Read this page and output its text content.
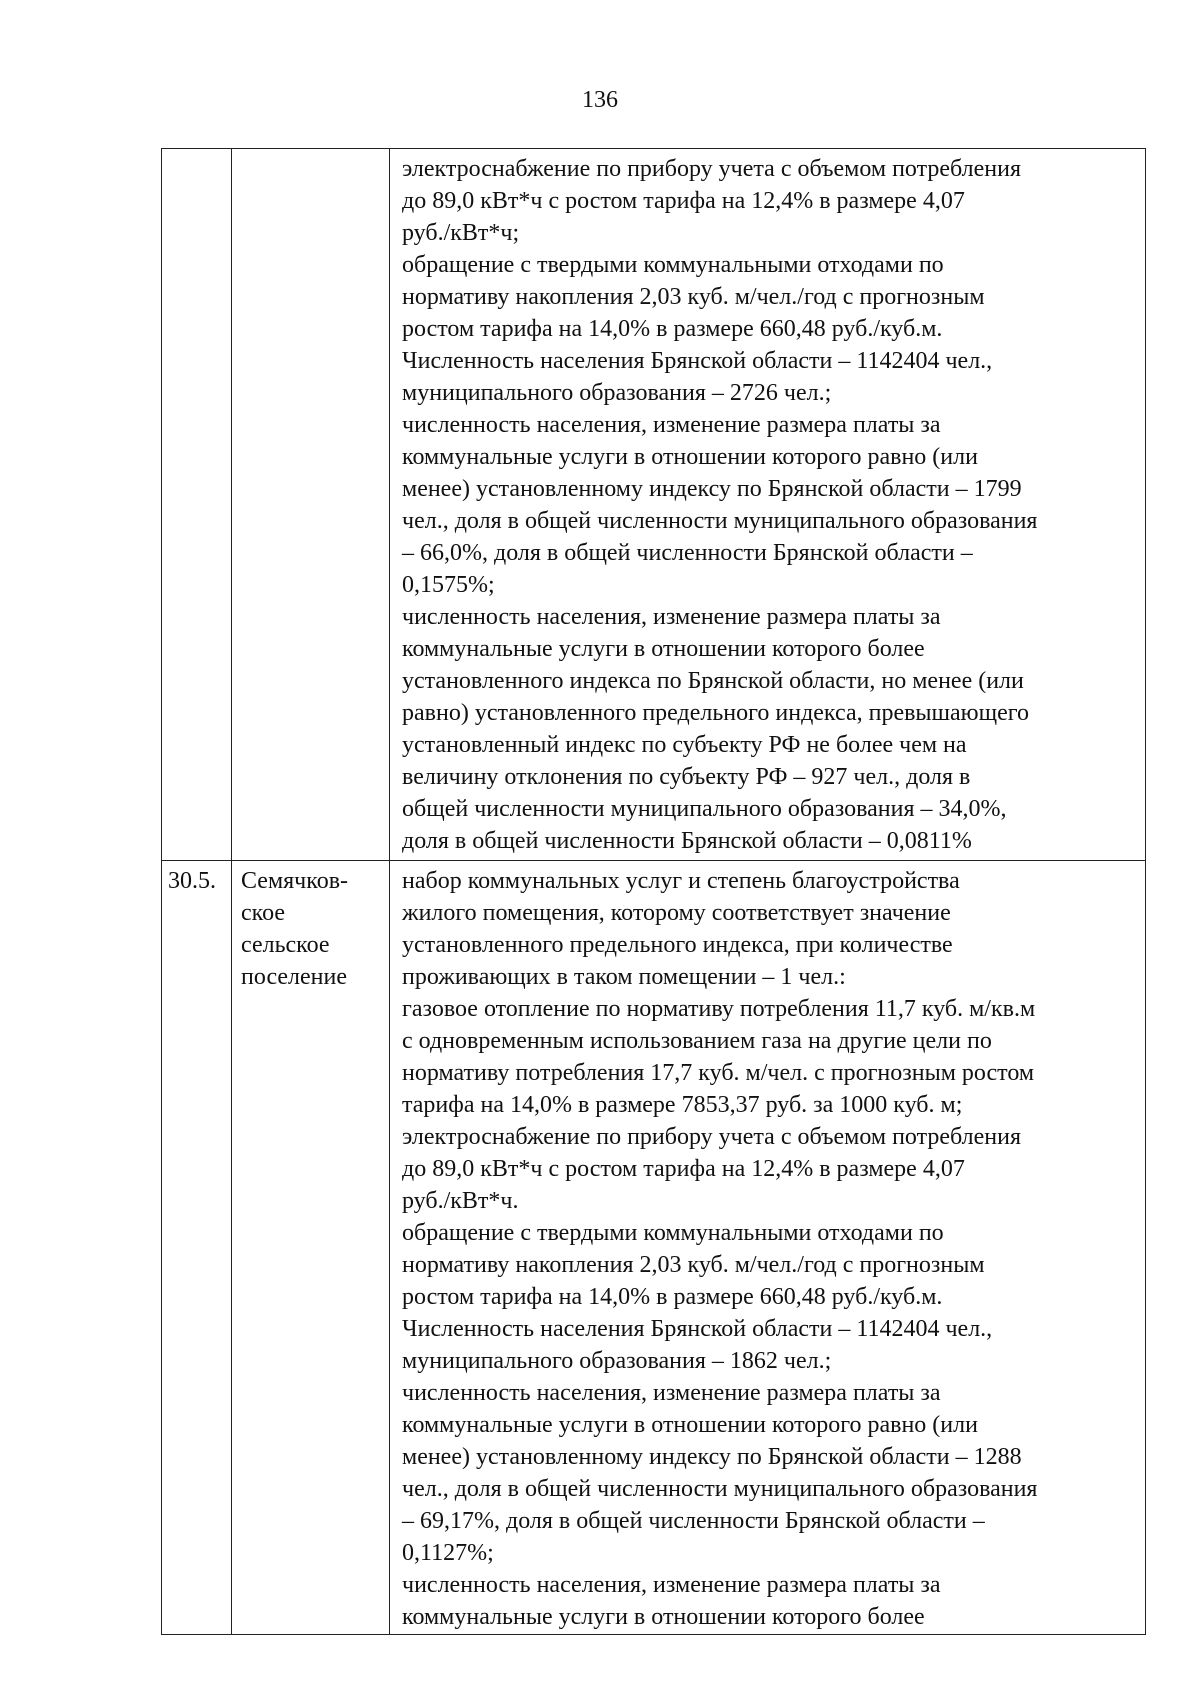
136
электроснабжение по прибору учета с объемом потребления
до 89,0 кВт*ч с ростом тарифа на 12,4% в размере 4,07
руб./кВт*ч;
обращение с твердыми коммунальными отходами по
нормативу накопления 2,03 куб. м/чел./год с прогнозным
ростом тарифа на 14,0% в размере 660,48 руб./куб.м.
Численность населения Брянской области – 1142404 чел.,
муниципального образования – 2726 чел.;
численность населения, изменение размера платы за
коммунальные услуги в отношении которого равно (или
менее) установленному индексу по Брянской области – 1799
чел., доля в общей численности муниципального образования
– 66,0%, доля в общей численности Брянской области –
0,1575%;
численность населения, изменение размера платы за
коммунальные услуги в отношении которого более
установленного индекса по Брянской области, но менее (или
равно) установленного предельного индекса, превышающего
установленный индекс по субъекту РФ не более чем на
величину отклонения по субъекту РФ – 927 чел., доля в
общей численности муниципального образования – 34,0%,
доля в общей численности Брянской области – 0,0811%
30.5.	Семячков-
ское
сельское
поселение
набор коммунальных услуг и степень благоустройства
жилого помещения, которому соответствует значение
установленного предельного индекса, при количестве
проживающих в таком помещении – 1 чел.:
газовое отопление по нормативу потребления 11,7 куб. м/кв.м
с одновременным использованием газа на другие цели по
нормативу потребления 17,7 куб. м/чел. с прогнозным ростом
тарифа на 14,0% в размере 7853,37 руб. за 1000 куб. м;
электроснабжение по прибору учета с объемом потребления
до 89,0 кВт*ч с ростом тарифа на 12,4% в размере 4,07
руб./кВт*ч.
обращение с твердыми коммунальными отходами по
нормативу накопления 2,03 куб. м/чел./год с прогнозным
ростом тарифа на 14,0% в размере 660,48 руб./куб.м.
Численность населения Брянской области – 1142404 чел.,
муниципального образования – 1862 чел.;
численность населения, изменение размера платы за
коммунальные услуги в отношении которого равно (или
менее) установленному индексу по Брянской области – 1288
чел., доля в общей численности муниципального образования
– 69,17%, доля в общей численности Брянской области –
0,1127%;
численность населения, изменение размера платы за
коммунальные услуги в отношении которого более
